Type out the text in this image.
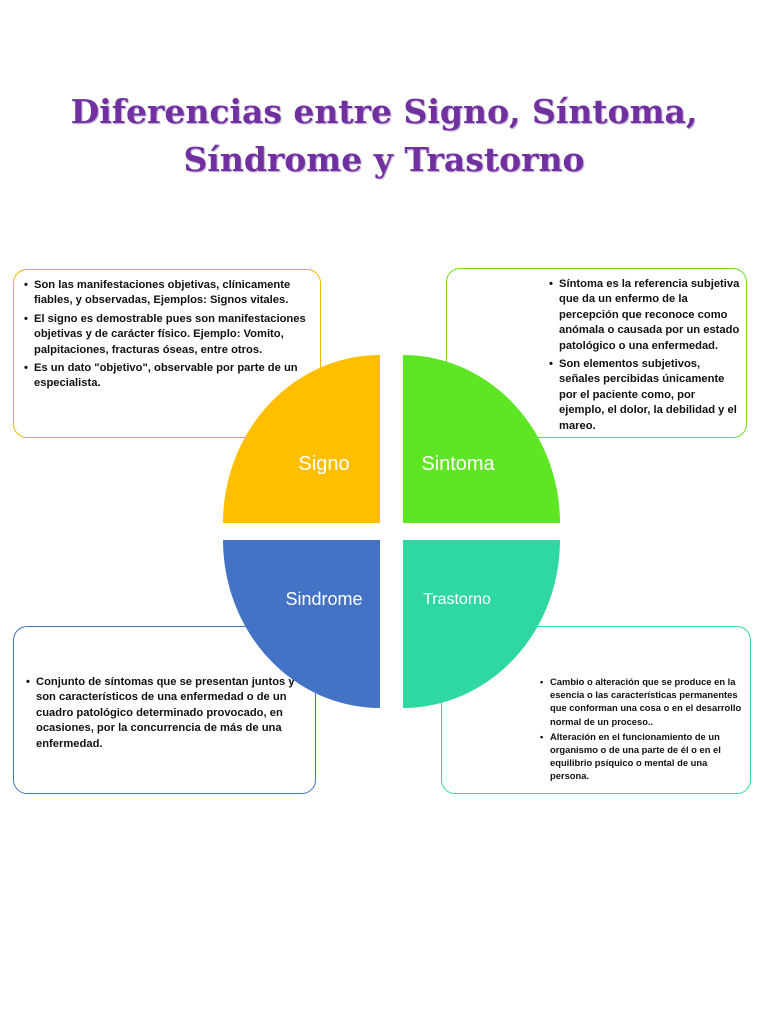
Diferencias entre Signo, Síntoma,
Síndrome y Trastorno
• Son las manifestaciones objetivas, clínicamente fiables, y observadas, Ejemplos: Signos vitales.
• El signo es demostrable pues son manifestaciones objetivas y de carácter físico. Ejemplo: Vomito, palpitaciones, fracturas óseas, entre otros.
• Es un dato "objetivo", observable por parte de un especialista.
• Síntoma es la referencia subjetiva que da un enfermo de la percepción que reconoce como anómala o causada por un estado patológico o una enfermedad.
• Son elementos subjetivos, señales percibidas únicamente por el paciente como, por ejemplo, el dolor, la debilidad y el mareo.
• Conjunto de síntomas que se presentan juntos y son característicos de una enfermedad o de un cuadro patológico determinado provocado, en ocasiones, por la concurrencia de más de una enfermedad.
• Cambio o alteración que se produce en la esencia o las características permanentes que conforman una cosa o en el desarrollo normal de un proceso..
• Alteración en el funcionamiento de un organismo o de una parte de él o en el equilibrio psíquico o mental de una persona.
Signo	Sintoma
Sindrome	Trastorno
